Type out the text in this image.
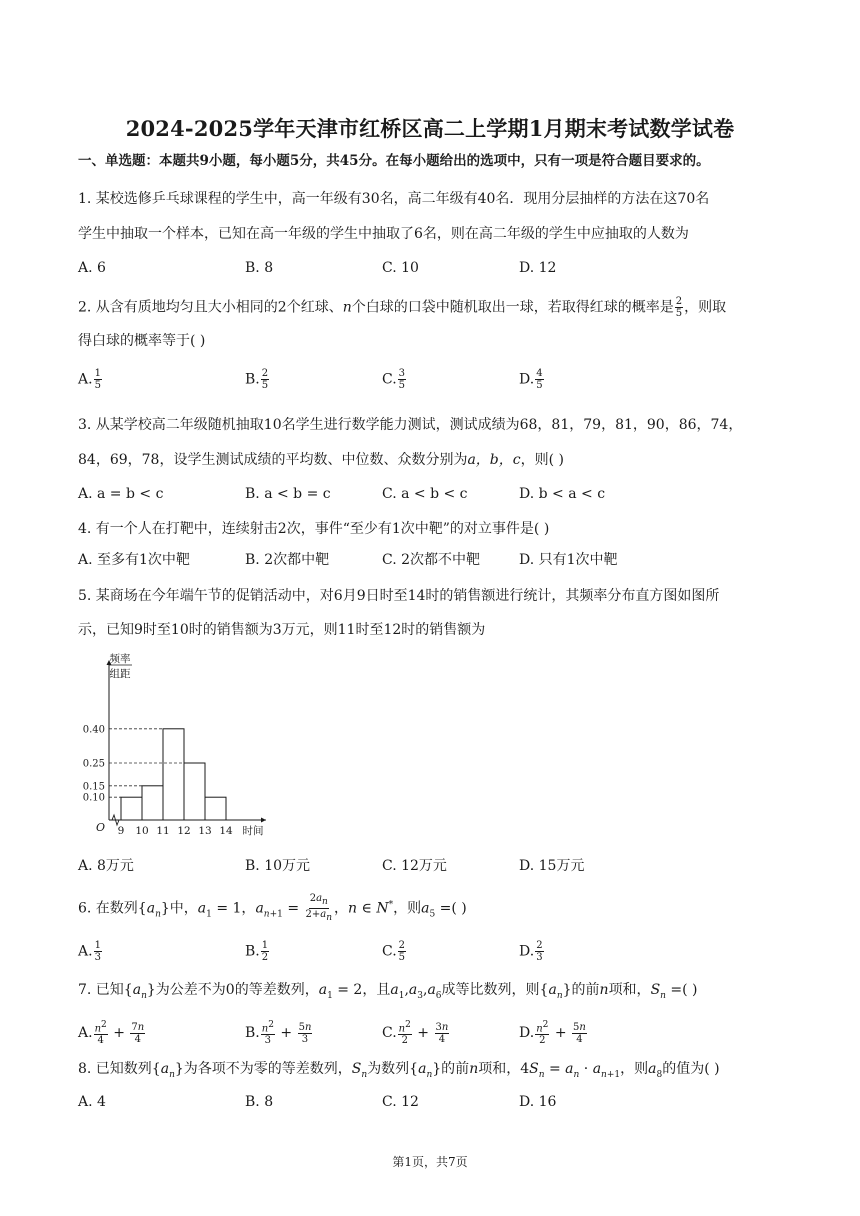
2024-2025学年天津市红桥区高二上学期1月期末考试数学试卷
一、单选题：本题共9小题，每小题5分，共45分。在每小题给出的选项中，只有一项是符合题目要求的。
1. 某校选修乒乓球课程的学生中，高一年级有30名，高二年级有40名．现用分层抽样的方法在这70名
学生中抽取一个样本，已知在高一年级的学生中抽取了6名，则在高二年级的学生中应抽取的人数为
A. 6	B. 8	C. 10	D. 12
2. 从含有质地均匀且大小相同的2个红球、n个白球的口袋中随机取出一球，若取得红球的概率是 $\frac{2}{5}$ ，则取
得白球的概率等于( )
A. $\frac{1}{5}$	B. $\frac{2}{5}$	C. $\frac{3}{5}$	D. $\frac{4}{5}$
3. 从某学校高二年级随机抽取10名学生进行数学能力测试，测试成绩为68，81，79，81，90，86，74，
84，69，78，设学生测试成绩的平均数、中位数、众数分别为a，b，c，则( )
A. a = b < c	B. a < b = c	C. a < b < c	D. b < a < c
4. 有一个人在打靶中，连续射击2次，事件“至少有1次中靶”的对立事件是( )
A. 至多有1次中靶	B. 2次都中靶	C. 2次都不中靶	D. 只有1次中靶
5. 某商场在今年端午节的促销活动中，对6月9日时至14时的销售额进行统计，其频率分布直方图如图所
示，已知9时至10时的销售额为3万元，则11时至12时的销售额为
0.10
0.15
0.25
0.40
9 10 11 12 13 14 时间
O
频率
组距
A. 8万元	B. 10万元	C. 12万元	D. 15万元
6. 在数列$\{a_n\}$中，$a_1 = 1$，$a_{n+1} = \frac{2a_n}{2+a_n}$ ，n ∈ N*，则$a_5$ =( )
A. $\frac{1}{3}$	B. $\frac{1}{2}$	C. $\frac{2}{5}$	D. $\frac{2}{3}$
7. 已知$\{a_n\}$为公差不为0的等差数列，$a_1 = 2$，且$a_1,a_3,a_6$成等比数列，则$\{a_n\}$的前n项和，$S_n$ =( )
A. $\frac{n^2}{4} + \frac{7n}{4}$	B. $\frac{n^2}{3} + \frac{5n}{3}$	C. $\frac{n^2}{2} + \frac{3n}{4}$	D. $\frac{n^2}{2} + \frac{5n}{4}$
8. 已知数列$\{a_n\}$为各项不为零的等差数列，$S_n$为数列$\{a_n\}$的前n项和，$4S_n = a_n \cdot a_{n+1}$，则$a_8$的值为( )
A. 4	B. 8	C. 12	D. 16
第1页，共7页
